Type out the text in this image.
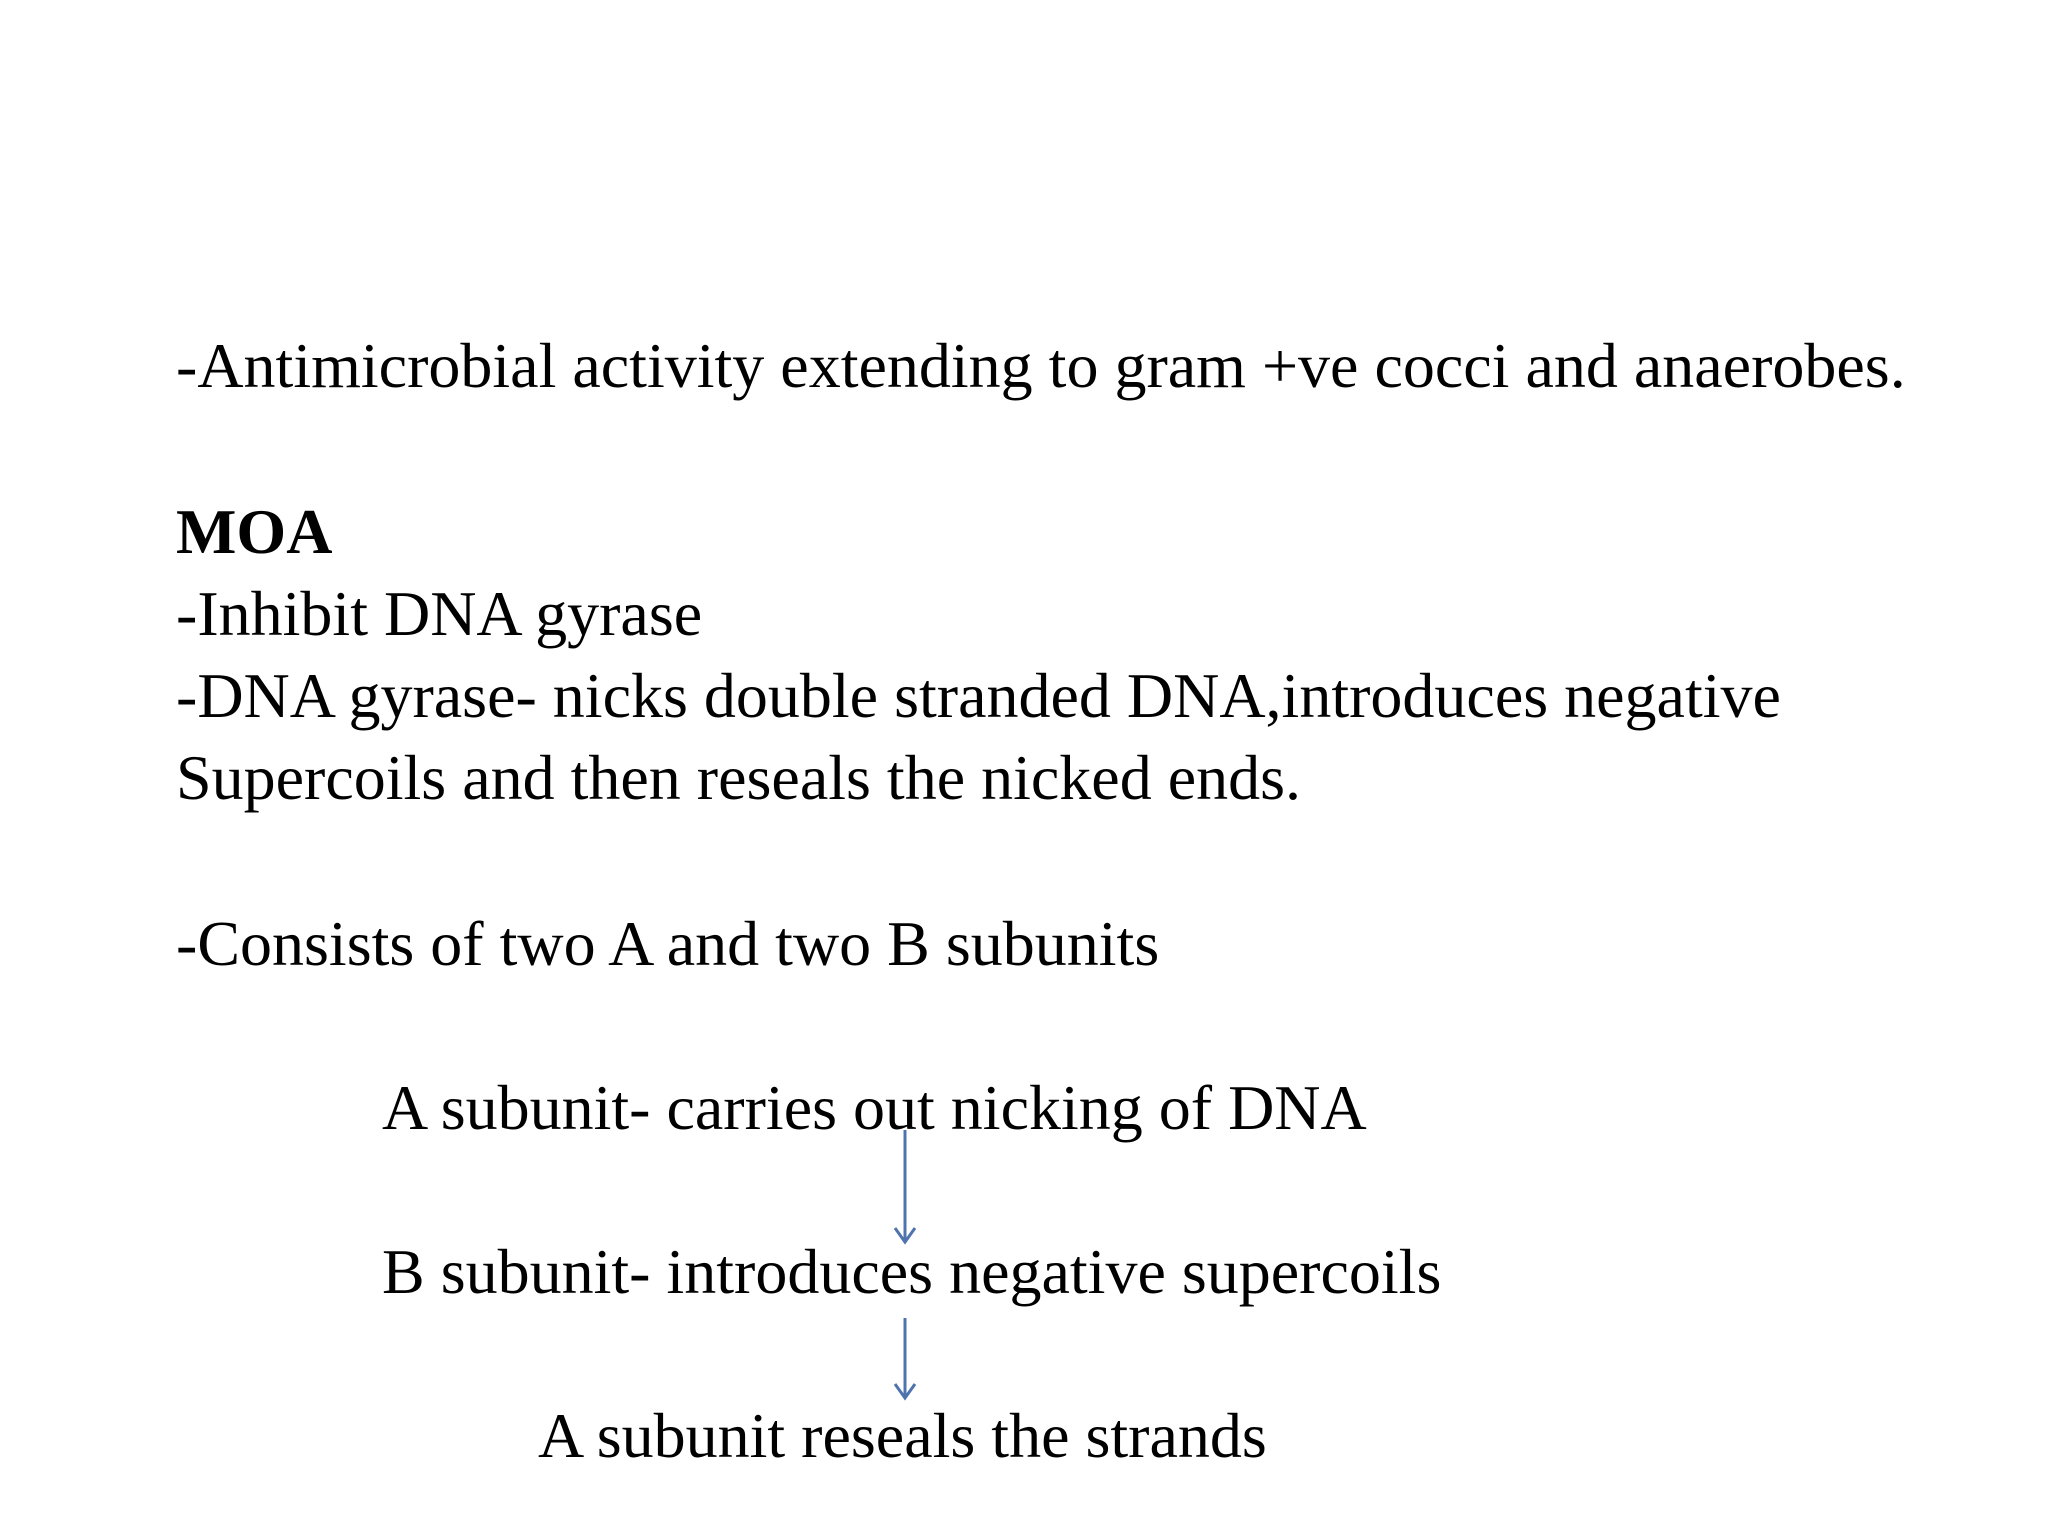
-Antimicrobial activity extending to gram +ve cocci and anaerobes.
MOA
-Inhibit DNA gyrase
-DNA gyrase- nicks double stranded DNA,introduces negative
Supercoils and then reseals the nicked ends.
-Consists of two A and two B subunits
A subunit- carries out nicking of DNA
B subunit- introduces negative supercoils
A subunit reseals the strands
